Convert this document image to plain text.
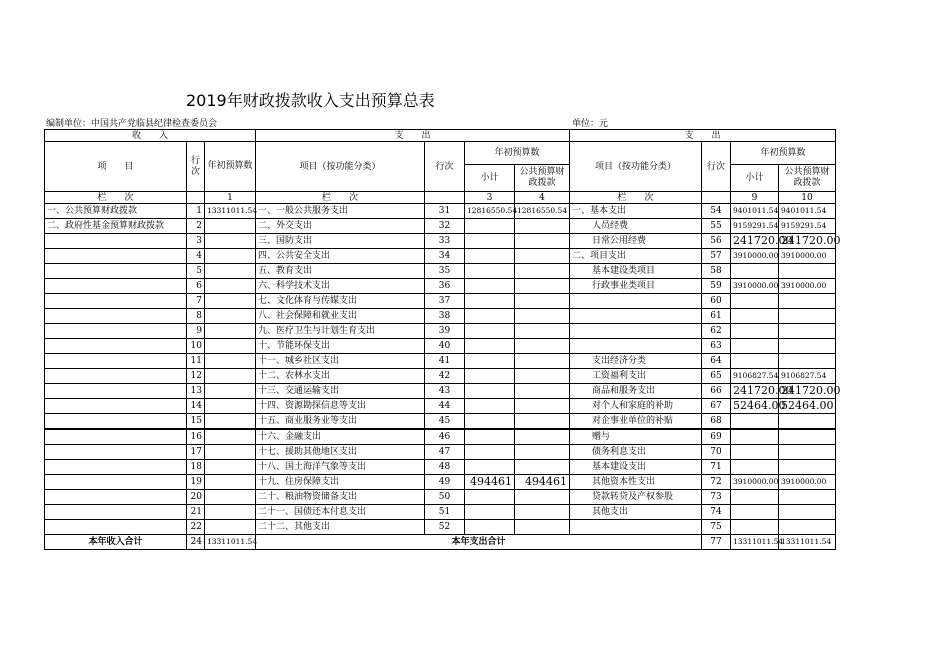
2019年财政拨款收入支出预算总表
编制单位：中国共产党临县纪律检查委员会	单位：元
收　　入			支　　出				支　　出			
项　　目	行次	年初预算数	项目（按功能分类）	行次	年初预算数		项目（按功能分类）	行次	年初预算数	
					小计	公共预算财政拨款			小计	公共预算财政拨款
栏　　次		1	栏　　次		3	4	栏　　次		9	10
一、公共预算财政拨款	1	13311011.54	一、一般公共服务支出	31	12816550.54	12816550.54	一、基本支出	54	9401011.54	9401011.54
二、政府性基金预算财政拨款	2		二、外交支出	32			人员经费	55	9159291.54	9159291.54
	3		三、国防支出	33			日常公用经费	56	241720.00	241720.00
	4		四、公共安全支出	34			二、项目支出	57	3910000.00	3910000.00
	5		五、教育支出	35			基本建设类项目	58		
	6		六、科学技术支出	36			行政事业类项目	59	3910000.00	3910000.00
	7		七、文化体育与传媒支出	37				60		
	8		八、社会保障和就业支出	38				61		
	9		九、医疗卫生与计划生育支出	39				62		
	10		十、节能环保支出	40				63		
	11		十一、城乡社区支出	41			支出经济分类	64		
	12		十二、农林水支出	42			工资福利支出	65	9106827.54	9106827.54
	13		十三、交通运输支出	43			商品和服务支出	66	241720.00	241720.00
	14		十四、资源勘探信息等支出	44			对个人和家庭的补助	67	52464.00	52464.00
	15		十五、商业服务业等支出	45			对企事业单位的补贴	68		
	16		十六、金融支出	46			赠与	69		
	17		十七、援助其他地区支出	47			债务利息支出	70		
	18		十八、国土海洋气象等支出	48			基本建设支出	71		
	19		十九、住房保障支出	49	494461	494461	其他资本性支出	72	3910000.00	3910000.00
	20		二十、粮油物资储备支出	50			贷款转贷及产权参股	73		
	21		二十一、国债还本付息支出	51			其他支出	74		
	22		二十二、其他支出	52				75		
本年收入合计	24	13311011.54	本年支出合计					77	13311011.54	13311011.54
